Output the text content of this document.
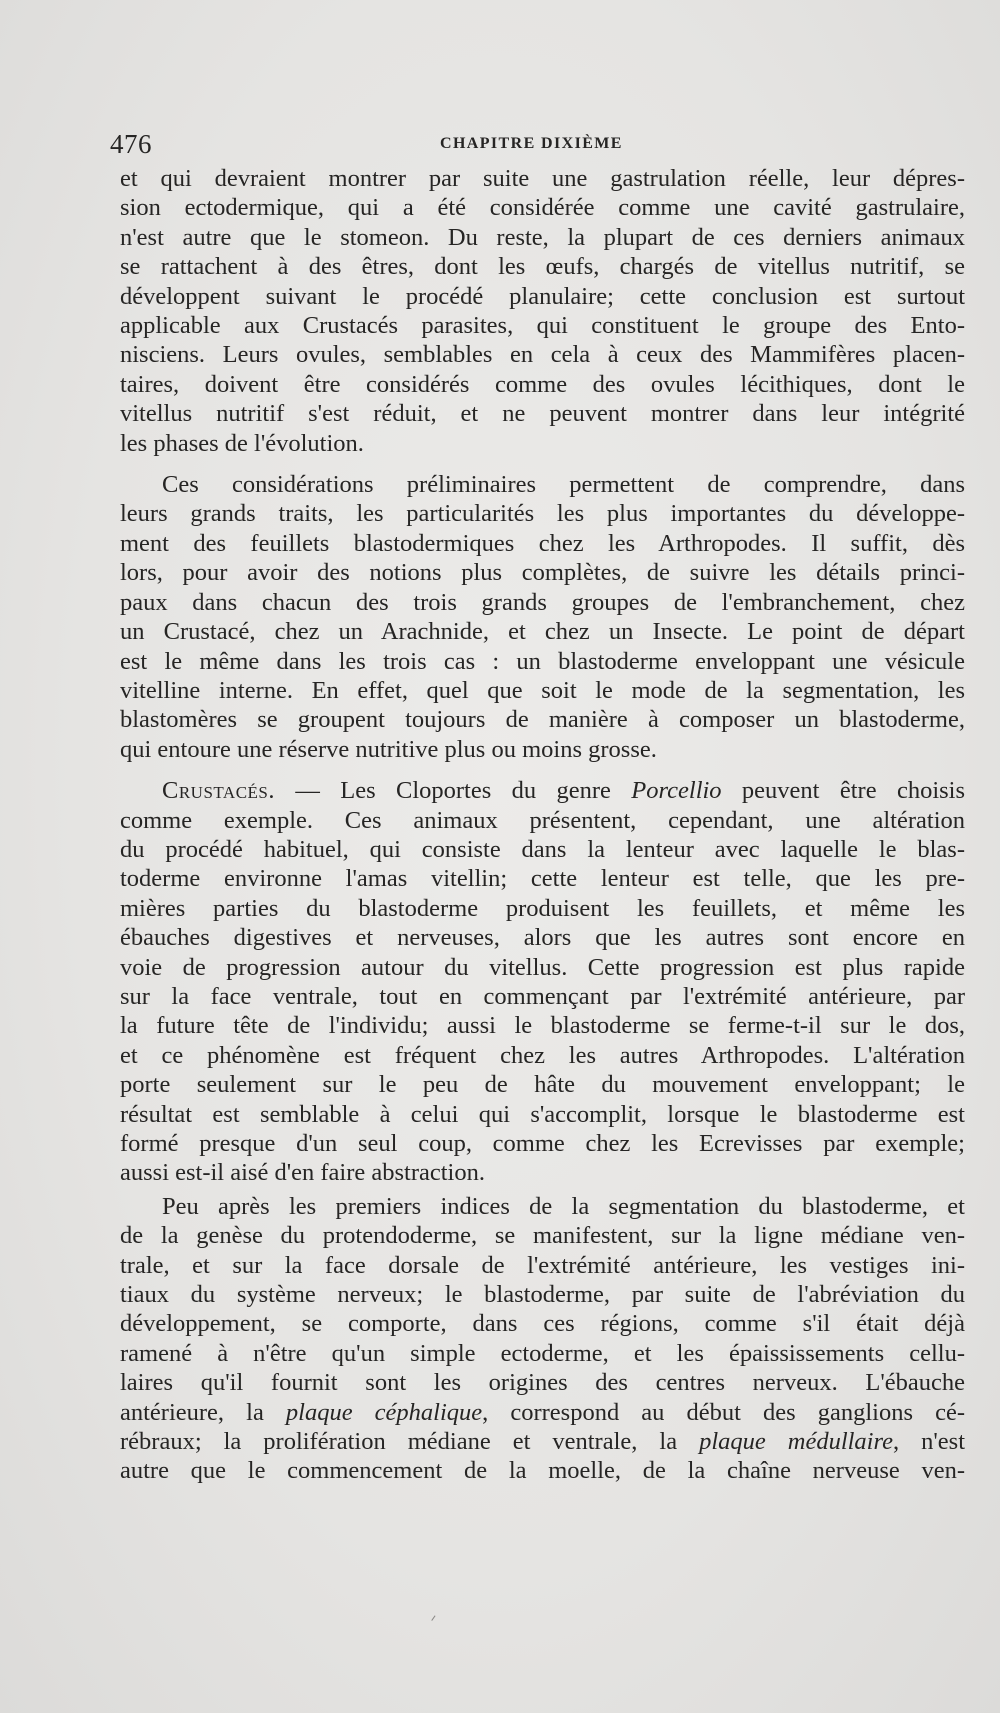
476	CHAPITRE DIXIÈME

et qui devraient montrer par suite une gastrulation réelle, leur dépres-
sion ectodermique, qui a été considérée comme une cavité gastrulaire,
n'est autre que le stomeon. Du reste, la plupart de ces derniers animaux
se rattachent à des êtres, dont les œufs, chargés de vitellus nutritif, se
développent suivant le procédé planulaire; cette conclusion est surtout
applicable aux Crustacés parasites, qui constituent le groupe des Ento-
nisciens. Leurs ovules, semblables en cela à ceux des Mammifères placen-
taires, doivent être considérés comme des ovules lécithiques, dont le
vitellus nutritif s'est réduit, et ne peuvent montrer dans leur intégrité
les phases de l'évolution.

Ces considérations préliminaires permettent de comprendre, dans
leurs grands traits, les particularités les plus importantes du développe-
ment des feuillets blastodermiques chez les Arthropodes. Il suffit, dès
lors, pour avoir des notions plus complètes, de suivre les détails princi-
paux dans chacun des trois grands groupes de l'embranchement, chez
un Crustacé, chez un Arachnide, et chez un Insecte. Le point de départ
est le même dans les trois cas : un blastoderme enveloppant une vésicule
vitelline interne. En effet, quel que soit le mode de la segmentation, les
blastomères se groupent toujours de manière à composer un blastoderme,
qui entoure une réserve nutritive plus ou moins grosse.

Crustacés. — Les Cloportes du genre Porcellio peuvent être choisis
comme exemple. Ces animaux présentent, cependant, une altération
du procédé habituel, qui consiste dans la lenteur avec laquelle le blas-
toderme environne l'amas vitellin; cette lenteur est telle, que les pre-
mières parties du blastoderme produisent les feuillets, et même les
ébauches digestives et nerveuses, alors que les autres sont encore en
voie de progression autour du vitellus. Cette progression est plus rapide
sur la face ventrale, tout en commençant par l'extrémité antérieure, par
la future tête de l'individu; aussi le blastoderme se ferme-t-il sur le dos,
et ce phénomène est fréquent chez les autres Arthropodes. L'altération
porte seulement sur le peu de hâte du mouvement enveloppant; le
résultat est semblable à celui qui s'accomplit, lorsque le blastoderme est
formé presque d'un seul coup, comme chez les Ecrevisses par exemple;
aussi est-il aisé d'en faire abstraction.

Peu après les premiers indices de la segmentation du blastoderme, et
de la genèse du protendoderme, se manifestent, sur la ligne médiane ven-
trale, et sur la face dorsale de l'extrémité antérieure, les vestiges ini-
tiaux du système nerveux; le blastoderme, par suite de l'abréviation du
développement, se comporte, dans ces régions, comme s'il était déjà
ramené à n'être qu'un simple ectoderme, et les épaississements cellu-
laires qu'il fournit sont les origines des centres nerveux. L'ébauche
antérieure, la plaque céphalique, correspond au début des ganglions cé-
rébraux; la prolifération médiane et ventrale, la plaque médullaire, n'est
autre que le commencement de la moelle, de la chaîne nerveuse ven-
